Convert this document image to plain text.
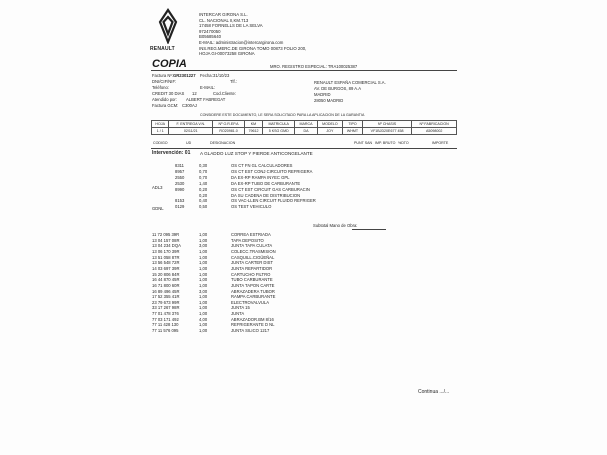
RENAULT
INTERCAR GIRONA S.L.
CL. NACIONAL II,KM.713
17458 FORNELLS DE LA SELVA
972470050
B05685640
E-MAIL: administracion@intercargirona.com
INS.REG.MERC.DE GIRONA TOMO 00873 FOLIO 200,
HOJA GI-00073258 GIRONA
COPIA	MRO. REGISTRO ESPECIAL: TRA100025387
Factura Nº: GR2301227 Fecha: 31/10/23
DNI/CIF/NIF:	Tlf.:
Teléfono:	E-MAIL:
CREDIT 30 DIAS 12	Cod.Cliente:
Atendido por: ALBERT FABREGAT
Factura GCM: C300AJ
RENAULT ESPAÑA COMERCIAL S.A.
AV. DE BURGOS, 89 A.A
MADRID
28050 MADRID
CONSIDERE ESTE DOCUMENTO, LE SERA SOLICITADO PARA LA APLICACION DE LA GARANTIA
HOJA	F. ENTREGA V.N.	Nº O.R.EP.A	KM	MATRICULA	MARCA	MODELO	TIPO	Nº CHASIS	Nº FABRICACION
1 / 1	02/11/21	RO20981.0	79612	5 KSG GMD	DA	JOY	WHMT	VF1BJD20E677 458	A5098002
CODIGO	UD	DESIGNACION	PUNT SAN IMP. BRUTO %DTO	IMPORTE
Intervención: 01 A GLADDO LUZ STOP Y PIERDE ANTICONGELANTE
8311	0,30	OS CT FN GL CALCULADORES
8957	0,70	OS CT EST CONJ CIRCUITO REFRIGERA
2550	0,70	DA EX-RP RAMPA INYEC GPL
2530	1,40	DA EX-RP TUBO DE CARBURANTE
8990	0,20	OS CT EST CIRCUIT GAS CARBURACIN
0,20	DA SU CADENA DE DISTRIBUCION
8153	0,40	OS VAC-LLEN CIRCUIT FLUIDO REFRIGER
0129	0,50	OS TEST VEHICULO
ADL3
GDNL
Subtotal Mano de Obra:
11 72 095 39R	1,00	CORREA ESTRIADA
13 04 157 08R	1,00	TAPA DEPOSITO
13 04 234 DQA	3,00	JUNTA TAPA CULATA
13 06 170 39R	1,00	COLECC.TRASMISION
13 51 058 87R	1,00	CASQUILL.CIGÜEÑAL
13 56 548 72R	1,00	JUNTA CARTER DIST
14 03 697 39R	1,00	JUNTA REPARTIDOR
15 20 806 84R	1,00	CARTUCHO FILTRO
16 44 870 45R	1,00	TUBO CARBURANTE
16 71 800 60R	1,00	JUNTA TAPON CARTE
16 89 496 45R	3,00	ABRAZADERA TUBOR
17 52 355 41R	1,00	RAMPA CARBURANTE
23 79 673 99R	1,00	ELECTROVALVULA
33 17 267 98R	1,00	JUNTA 15
77 01 478 376	1,00	JUNTA
77 03 171 492	4,00	ABRAZADOR.BM 8/16
77 11 428 130	1,00	REFRIGERANTE D NL
77 11 576 095	1,00	JUNTA SILICO 1217
Continua .../...
